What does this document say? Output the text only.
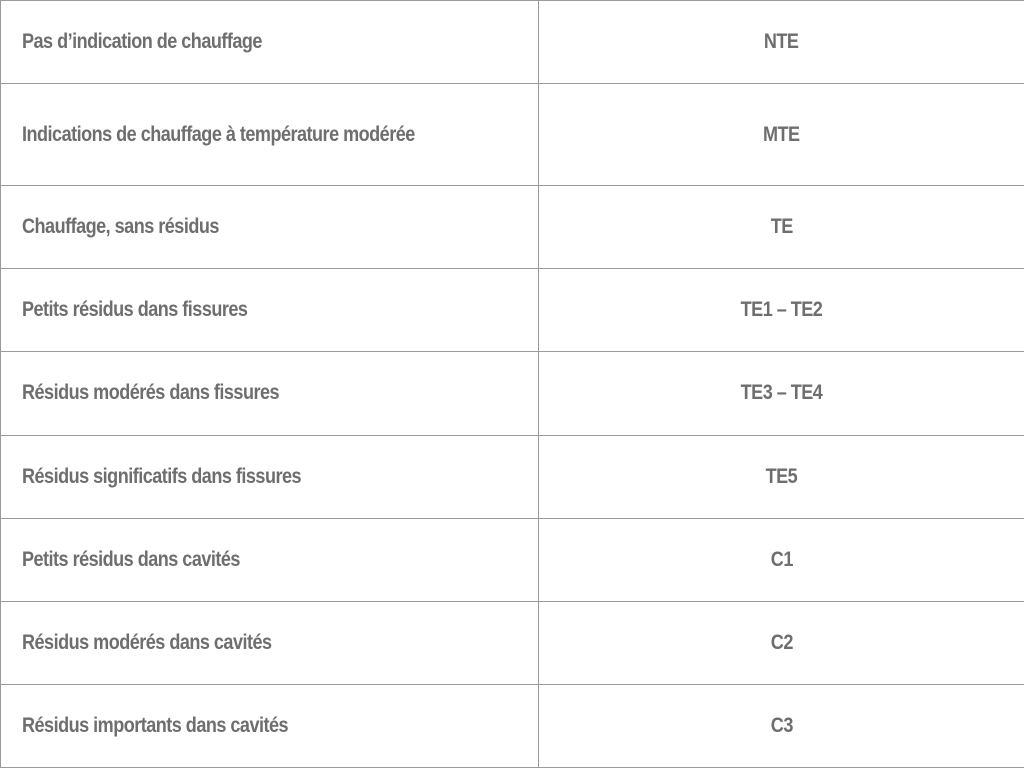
Pas d’indication de chauffage	NTE
Indications de chauffage à température modérée	MTE
Chauffage, sans résidus	TE
Petits résidus dans fissures	TE1 – TE2
Résidus modérés dans fissures	TE3 – TE4
Résidus significatifs dans fissures	TE5
Petits résidus dans cavités	C1
Résidus modérés dans cavités	C2
Résidus importants dans cavités	C3
